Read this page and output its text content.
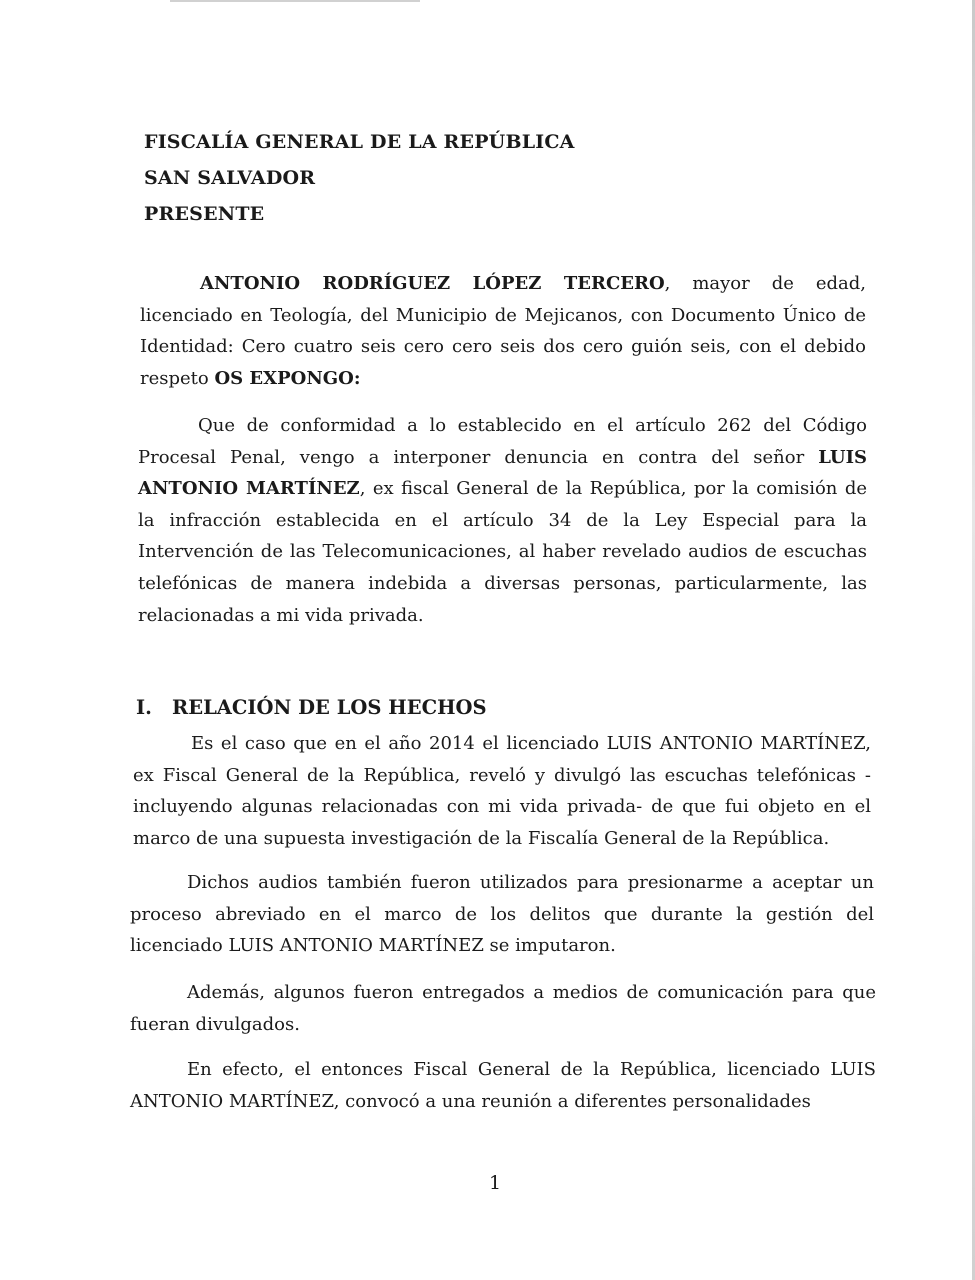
FISCALÍA GENERAL DE LA REPÚBLICA
SAN SALVADOR
PRESENTE

ANTONIO RODRÍGUEZ LÓPEZ TERCERO, mayor de edad, licenciado en Teología, del Municipio de Mejicanos, con Documento Único de Identidad: Cero cuatro seis cero cero seis dos cero guión seis, con el debido respeto OS EXPONGO:

Que de conformidad a lo establecido en el artículo 262 del Código Procesal Penal, vengo a interponer denuncia en contra del señor LUIS ANTONIO MARTÍNEZ, ex fiscal General de la República, por la comisión de la infracción establecida en el artículo 34 de la Ley Especial para la Intervención de las Telecomunicaciones, al haber revelado audios de escuchas telefónicas de manera indebida a diversas personas, particularmente, las relacionadas a mi vida privada.

I. RELACIÓN DE LOS HECHOS

Es el caso que en el año 2014 el licenciado LUIS ANTONIO MARTÍNEZ, ex Fiscal General de la República, reveló y divulgó las escuchas telefónicas -incluyendo algunas relacionadas con mi vida privada- de que fui objeto en el marco de una supuesta investigación de la Fiscalía General de la República.

Dichos audios también fueron utilizados para presionarme a aceptar un proceso abreviado en el marco de los delitos que durante la gestión del licenciado LUIS ANTONIO MARTÍNEZ se imputaron.

Además, algunos fueron entregados a medios de comunicación para que fueran divulgados.

En efecto, el entonces Fiscal General de la República, licenciado LUIS ANTONIO MARTÍNEZ, convocó a una reunión a diferentes personalidades

1
